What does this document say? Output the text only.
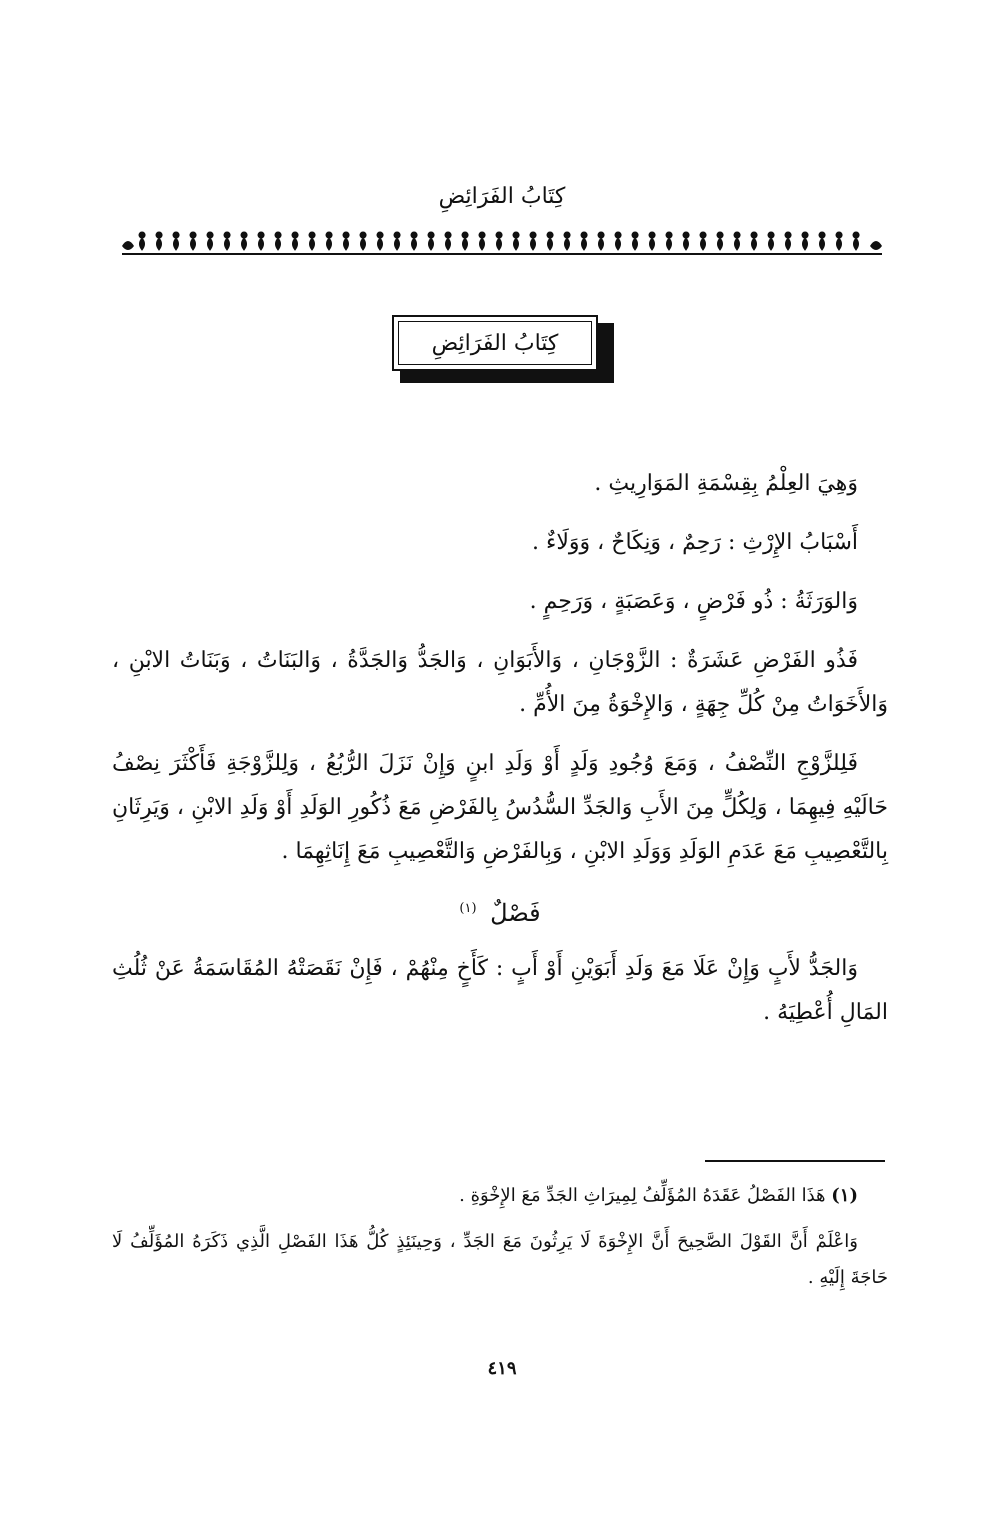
كِتَابُ الفَرَائِضِ
كِتَابُ الفَرَائِضِ

وَهِيَ العِلْمُ بِقِسْمَةِ المَوَارِيثِ .

أَسْبَابُ الإِرْثِ : رَحِمٌ ، وَنِكَاحٌ ، وَوَلَاءٌ .

وَالوَرَثَةُ : ذُو فَرْضٍ ، وَعَصَبَةٍ ، وَرَحِمٍ .

فَذُو الفَرْضِ عَشَرَةٌ : الزَّوْجَانِ ، وَالأَبَوَانِ ، وَالجَدُّ وَالجَدَّةُ ، وَالبَنَاتُ ، وَبَنَاتُ الابْنِ ، وَالأَخَوَاتُ مِنْ كُلِّ جِهَةٍ ، وَالإِخْوَةُ مِنَ الأُمِّ .

فَلِلزَّوْجِ النِّصْفُ ، وَمَعَ وُجُودِ وَلَدٍ أَوْ وَلَدِ ابنٍ وَإِنْ نَزَلَ الرُّبُعُ ، وَلِلزَّوْجَةِ فَأَكْثَرَ نِصْفُ حَالَيْهِ فِيهِمَا ، وَلِكُلٍّ مِنَ الأَبِ وَالجَدِّ السُّدُسُ بِالفَرْضِ مَعَ ذُكُورِ الوَلَدِ أَوْ وَلَدِ الابْنِ ، وَيَرِثَانِ بِالتَّعْصِيبِ مَعَ عَدَمِ الوَلَدِ وَوَلَدِ الابْنِ ، وَبِالفَرْضِ وَالتَّعْصِيبِ مَعَ إِنَاثِهِمَا .

فَصْلٌ $^{(١)}$

وَالجَدُّ لأَبٍ وَإِنْ عَلَا مَعَ وَلَدِ أَبَوَيْنِ أَوْ أَبٍ : كَأَخٍ مِنْهُمْ ، فَإِنْ نَقَصَتْهُ المُقَاسَمَةُ عَنْ ثُلُثِ المَالِ أُعْطِيَهُ .

(١) هَذَا الفَصْلُ عَقَدَهُ المُؤَلِّفُ لِمِيرَاثِ الجَدِّ مَعَ الإِخْوَةِ .

وَاعْلَمْ أَنَّ القَوْلَ الصَّحِيحَ أَنَّ الإِخْوَةَ لَا يَرِثُونَ مَعَ الجَدِّ ، وَحِينَئِذٍ كُلُّ هَذَا الفَصْلِ الَّذِي ذَكَرَهُ المُؤَلِّفُ لَا حَاجَةَ إِلَيْهِ .

٤١٩
